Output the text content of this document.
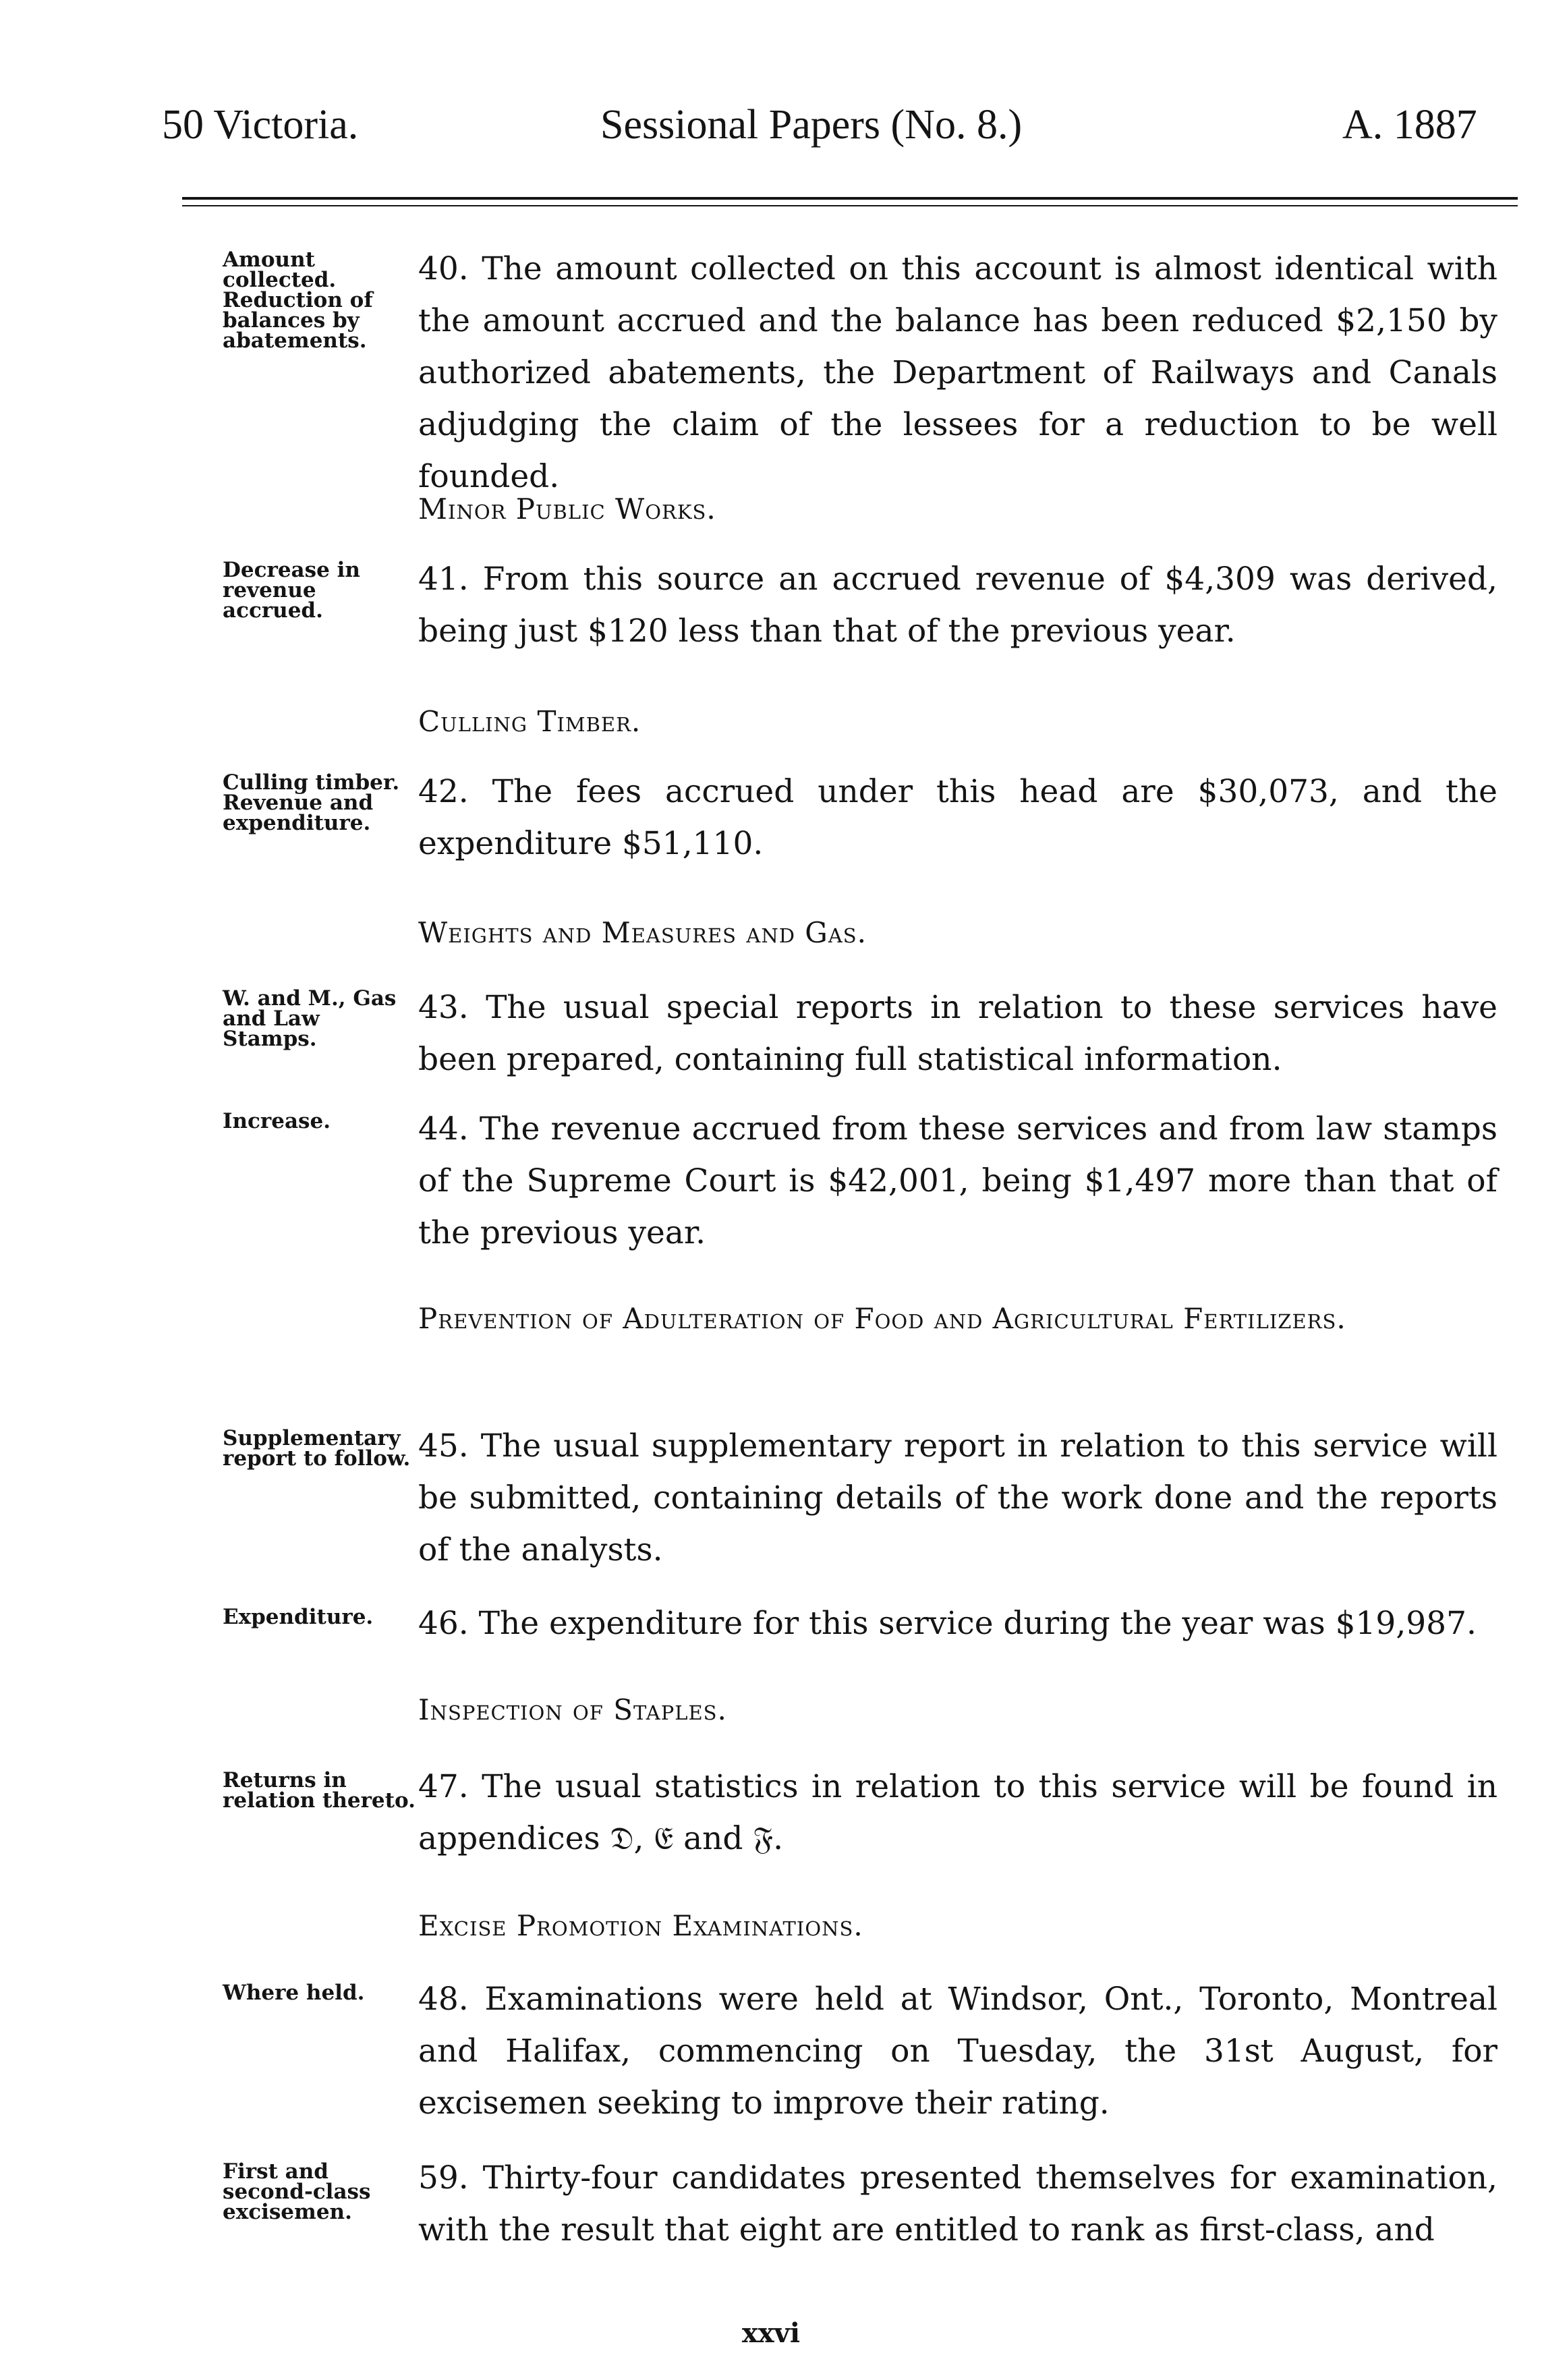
50 Victoria.	Sessional Papers (No. 8.)	A. 1887
Amount collected. Reduction of balances by abatements.
40. The amount collected on this account is almost identical with the amount accrued and the balance has been reduced $2,150 by authorized abatements, the Department of Railways and Canals adjudging the claim of the lessees for a reduction to be well founded.
Minor Public Works.
Decrease in revenue accrued.
41. From this source an accrued revenue of $4,309 was derived, being just $120 less than that of the previous year.
Culling Timber.
Culling timber. Revenue and expenditure.
42. The fees accrued under this head are $30,073, and the expenditure $51,110.
Weights and Measures and Gas.
W. and M., Gas and Law Stamps.
43. The usual special reports in relation to these services have been prepared, containing full statistical information.
Increase.	44. The revenue accrued from these services and from law stamps of the Supreme Court is $42,001, being $1,497 more than that of the previous year.
Prevention of Adulteration of Food and Agricultural Fertilizers.
Supplementary report to follow. 45. The usual supplementary report in relation to this service will be submitted, containing details of the work done and the reports of the analysts.
Expenditure.	46. The expenditure for this service during the year was $19,987.
Inspection of Staples.
Returns in relation thereto. 47. The usual statistics in relation to this service will be found in appendices 𝔇, 𝔈 and 𝔉.
Excise Promotion Examinations.
Where held.	48. Examinations were held at Windsor, Ont., Toronto, Montreal and Halifax, commencing on Tuesday, the 31st August, for excisemen seeking to improve their rating.
First and second-class excisemen.
59. Thirty-four candidates presented themselves for examination, with the result that eight are entitled to rank as first-class, and
xxvi
